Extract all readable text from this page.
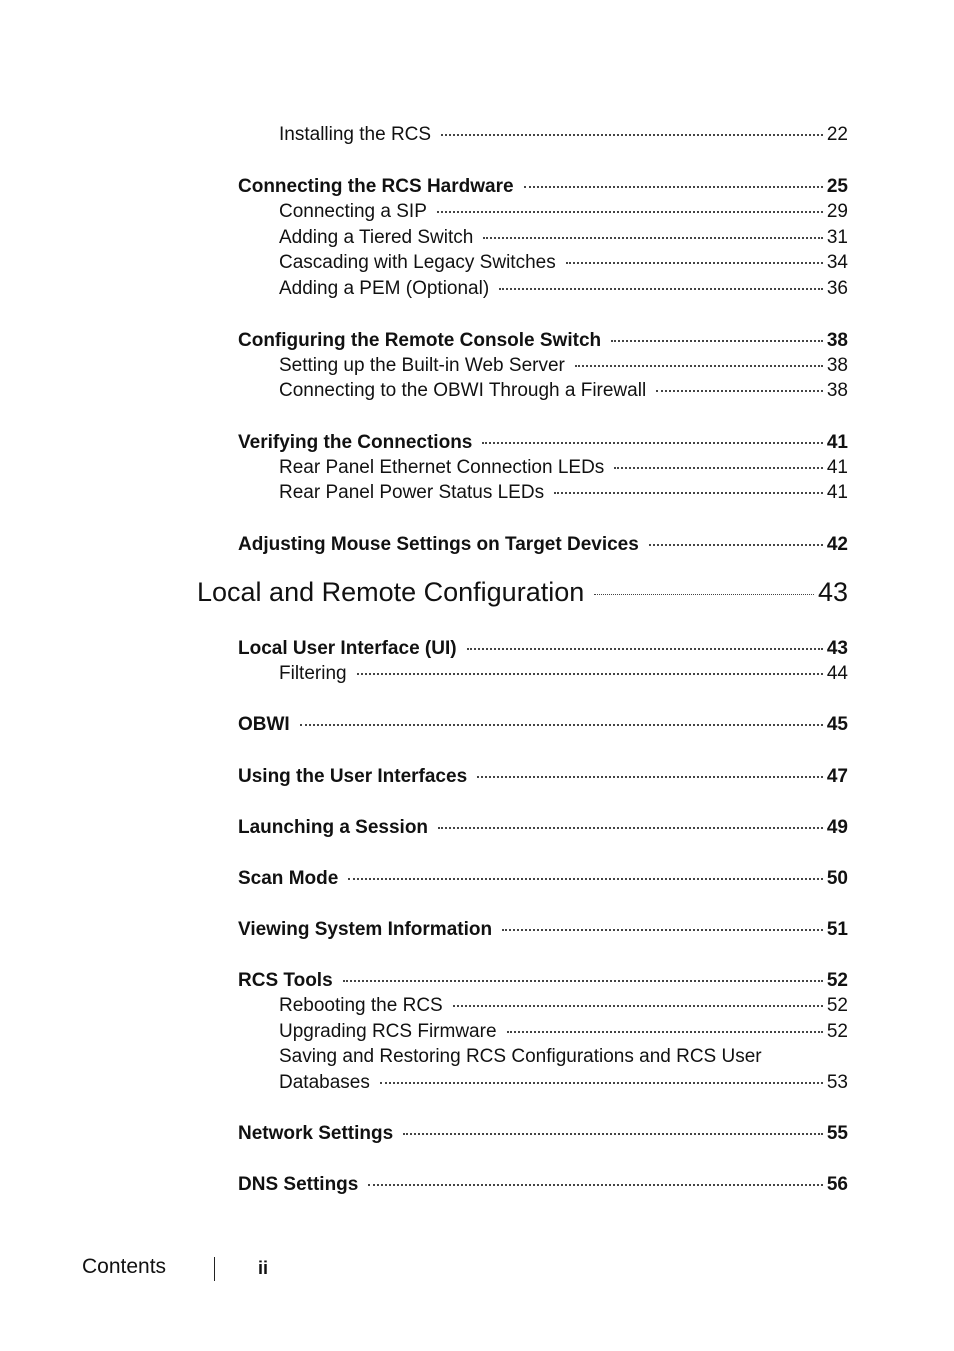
Installing the RCS	22
Connecting the RCS Hardware	25
Connecting a SIP	29
Adding a Tiered Switch	31
Cascading with Legacy Switches	34
Adding a PEM (Optional)	36
Configuring the Remote Console Switch	38
Setting up the Built-in Web Server	38
Connecting to the OBWI Through a Firewall	38
Verifying the Connections	41
Rear Panel Ethernet Connection LEDs	41
Rear Panel Power Status LEDs	41
Adjusting Mouse Settings on Target Devices	42
Local and Remote Configuration	43
Local User Interface (UI)	43
Filtering	44
OBWI	45
Using the User Interfaces	47
Launching a Session	49
Scan Mode	50
Viewing System Information	51
RCS Tools	52
Rebooting the RCS	52
Upgrading RCS Firmware	52
Saving and Restoring RCS Configurations and RCS User
Databases	53
Network Settings	55
DNS Settings	56
Contents	ii
